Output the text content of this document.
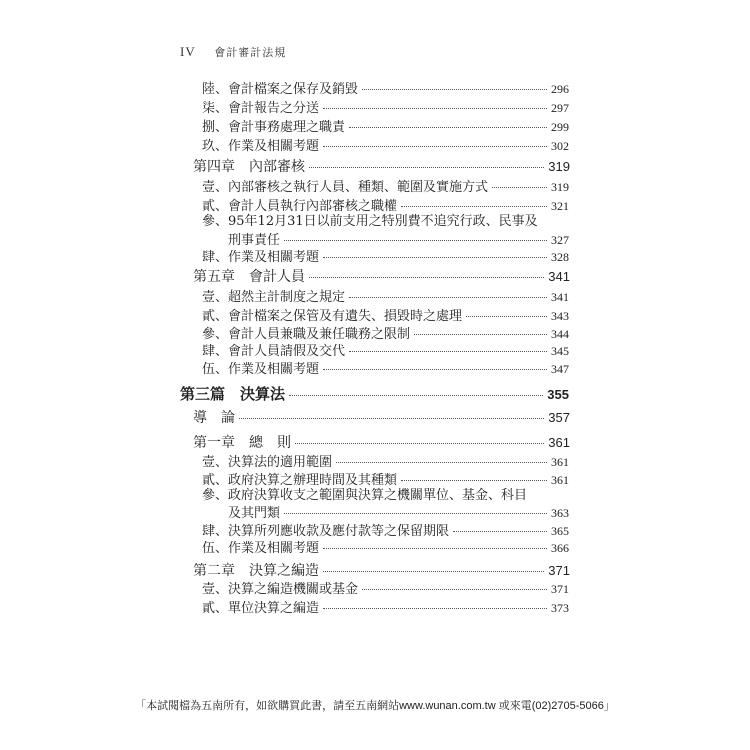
IV 會計審計法規
陸、會計檔案之保存及銷毀	296
柒、會計報告之分送	297
捌、會計事務處理之職責	299
玖、作業及相關考題	302
第四章　內部審核	319
壹、內部審核之執行人員、種類、範圍及實施方式	319
貳、會計人員執行內部審核之職權	321
參、95年12月31日以前支用之特別費不追究行政、民事及
刑事責任	327
肆、作業及相關考題	328
第五章　會計人員	341
壹、超然主計制度之規定	341
貳、會計檔案之保管及有遺失、損毀時之處理	343
參、會計人員兼職及兼任職務之限制	344
肆、會計人員請假及交代	345
伍、作業及相關考題	347
第三篇　決算法	355
導　論	357
第一章　總　則	361
壹、決算法的適用範圍	361
貳、政府決算之辦理時間及其種類	361
參、政府決算收支之範圍與決算之機關單位、基金、科目
及其門類	363
肆、決算所列應收款及應付款等之保留期限	365
伍、作業及相關考題	366
第二章　決算之編造	371
壹、決算之編造機關或基金	371
貳、單位決算之編造	373
「本試閱檔為五南所有，如欲購買此書，請至五南網站www.wunan.com.tw 或來電(02)2705-5066」
